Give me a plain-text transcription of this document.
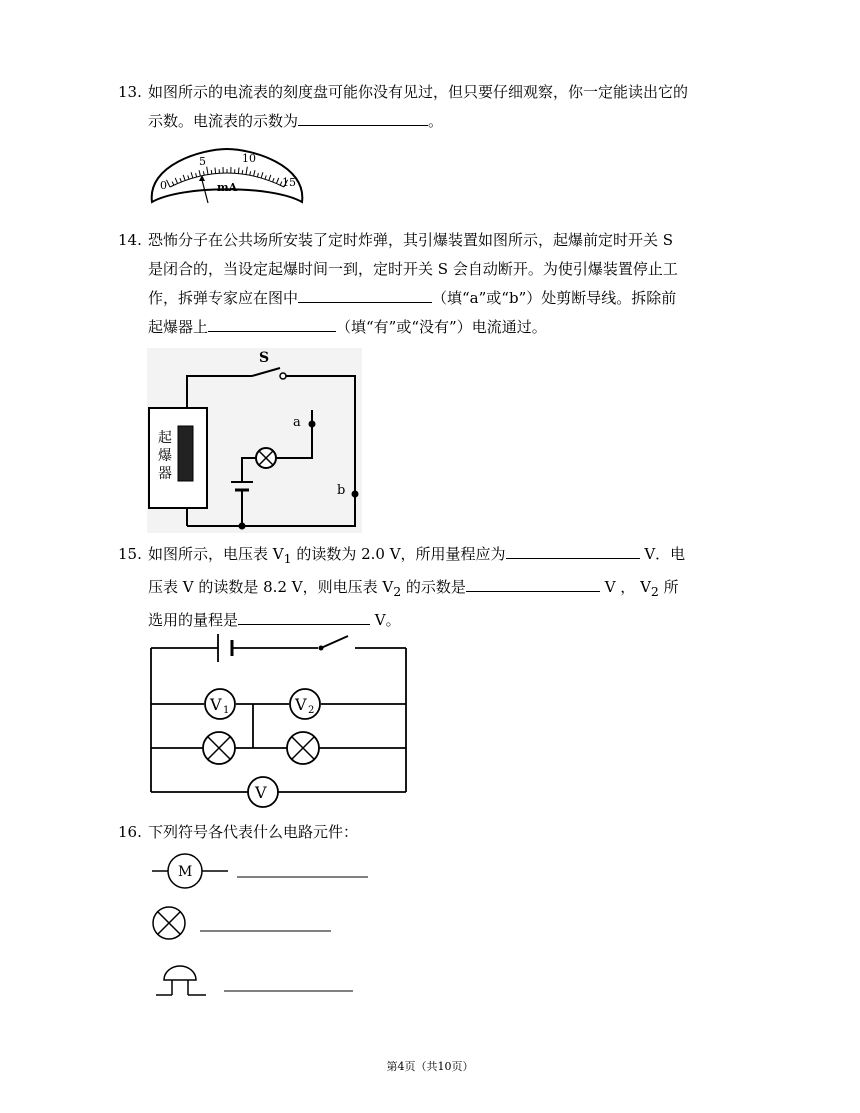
13. 如图所示的电流表的刻度盘可能你没有见过，但只要仔细观察，你一定能读出它的
示数。电流表的示数为	。
0
5	10
15
mA
14. 恐怖分子在公共场所安装了定时炸弹，其引爆装置如图所示，起爆前定时开关 S
是闭合的，当设定起爆时间一到，定时开关 S 会自动断开。为使引爆装置停止工
作，拆弹专家应在图中	（填“a”或“b”）处剪断导线。拆除前
起爆器上	（填“有”或“没有”）电流通过。
S
起
爆
器
a
b
15. 如图所示，电压表 $V_1$ 的读数为 2.0 V，所用量程应为	V．电
压表 V 的读数是 8.2 V，则电压表 $V_2$ 的示数是	V ， $V_2$ 所
选用的量程是	V。
V 1	V 2
V
16. 下列符号各代表什么电路元件：
M
第4页（共10页）
